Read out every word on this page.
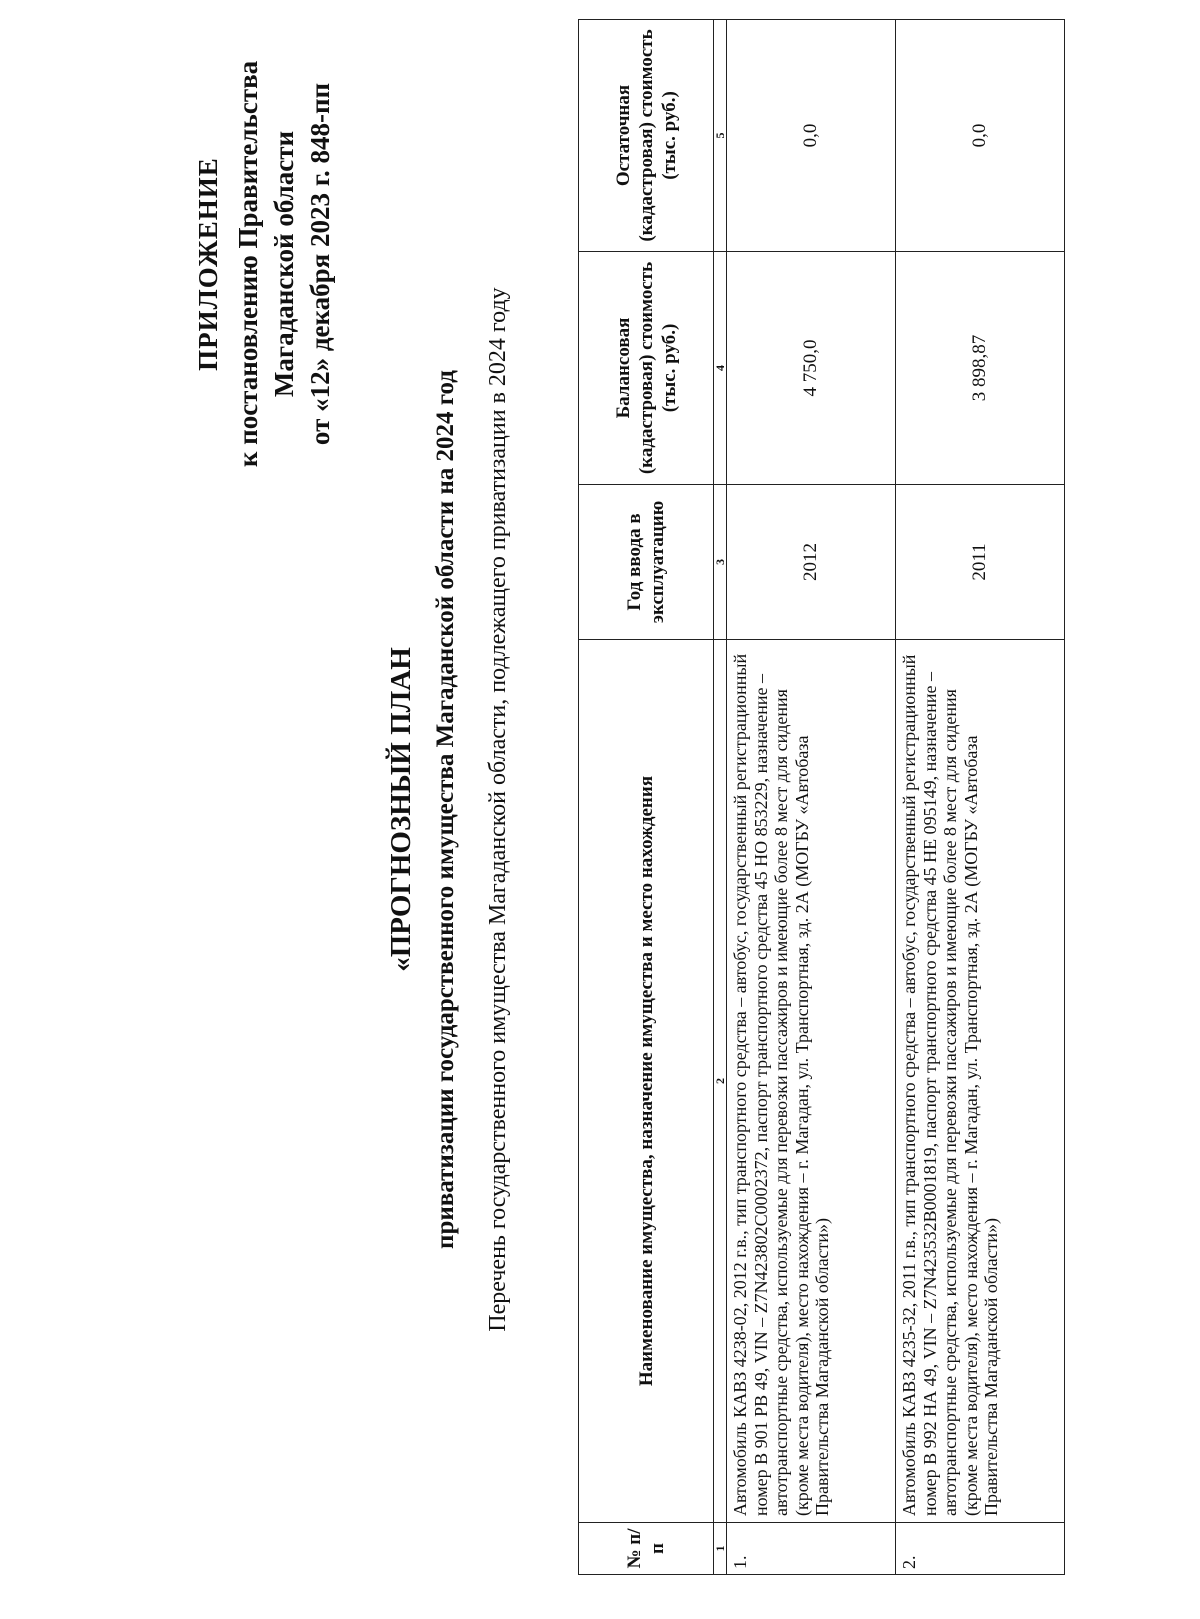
ПРИЛОЖЕНИЕ к постановлению Правительства Магаданской области от «12» декабря 2023 г. 848-пп
«ПРОГНОЗНЫЙ ПЛАН приватизации государственного имущества Магаданской области на 2024 год Перечень государственного имущества Магаданской области, подлежащего приватизации в 2024 году
№ п/п	Наименование имущества, назначение имущества и место нахождения	Год ввода в эксплуатацию	Балансовая (кадастровая) стоимость (тыс. руб.)	Остаточная (кадастровая) стоимость (тыс. руб.)
1	2	3	4	5
1.	Автомобиль КАВЗ 4238-02, 2012 г.в., тип транспортного средства – автобус, государственный регистрационный номер В 901 РВ 49, VIN – Z7N423802C0002372, паспорт транспортного средства 45 НО 853229, назначение – автотранспортные средства, используемые для перевозки пассажиров и имеющие более 8 мест для сидения (кроме места водителя), место нахождения – г. Магадан, ул. Транспортная, зд. 2А (МОГБУ «Автобаза Правительства Магаданской области»)	2012	4 750,0	0,0
2.	Автомобиль КАВЗ 4235-32, 2011 г.в., тип транспортного средства – автобус, государственный регистрационный номер В 992 НА 49, VIN – Z7N423532B0001819, паспорт транспортного средства 45 НЕ 095149, назначение – автотранспортные средства, используемые для перевозки пассажиров и имеющие более 8 мест для сидения (кроме места водителя), место нахождения – г. Магадан, ул. Транспортная, зд. 2А (МОГБУ «Автобаза Правительства Магаданской области»)	2011	3 898,87	0,0
